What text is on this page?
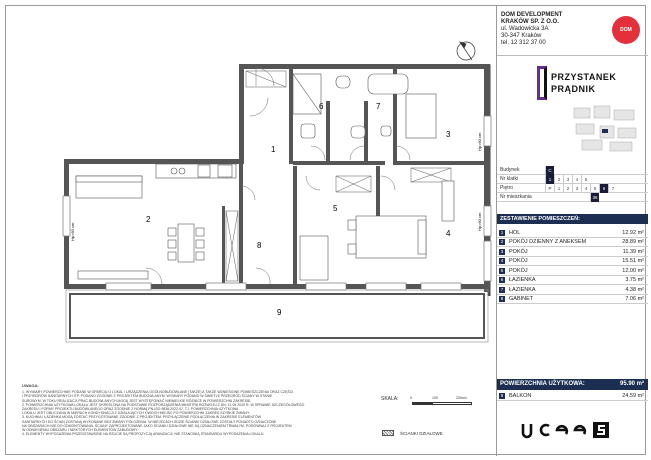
1
2
3
4
5
6	7
8
9
Hp=60 cm
Hp=60 cm
Hp=60 cm
UWAGA:
1. WYMIARY POWIERZCHNIE PODANE W OPARCIU O LOKAL I URZĄDZENIA OGÓLNOBUDOWLANE (TAKŻE) A TAKŻE WZNIESIONE POMIESZCZENIA ORAZ CZĘŚCI
I PRZYBORÓW SANITARNYCH ITP. PODANO ZGODNIE Z PROJEKTEM BUDOWLANYM. WYMIARY PODANO W ŚWIETLE PRZEGRÓD ŚCIANY W STANIE
SUROWYM. W TOKU REALIZACJI PRAC BUDOWLANYCH MOGĄ JEST WYSTĘPOWAĆ NIEWIELKIE RÓŻNICE W POWIERZCHNI ZAKRESIE.
2. POWIERZCHNIA UŻYTKOWA LOKALU JEST OKREŚLONA NA PODSTAWIE ROZPORZĄDZENIA MINISTRA ROZWOJU Z DN. 11.09.2020 R. W SPRAWIE SZCZEGÓŁOWEGO
ZAKRESU I FORMY PROJEKTU BUDOWLANEGO ORAZ ZGODNIE Z NORMĄ PN-ISO 9836:2022-07. TJ. POWIERZCHNIA UŻYTKOWA
LOKALU JEST OBLICZANA W MIERACH KONDYGNACJI Z DZIAŁAJĄCYCH OWOCH MIEJSC PO POWIERZCHNI ZAKRES SZYBKIE ZMIANY.
3. KUCHNIA I ŁAZIENKA MOGĄ ZOSTAĆ PRZYGOTOWANE ZGODNIE Z PROJEKTEM. PRZYŁĄCZENIE PODŁĄCZENIA W ZAKRESIE ELEMENTÓW
SANITARNYCH DO ŚCIAN ZOSTANĄ WYKONANE BEZ ZMIANY POŁOŻENIA. W MIEJSCACH GDZIE ŚCIANKI DZIAŁOWE ZOSTAŁY PONADTO OZNACZONE
NA OBSZARACH NIE DO ODMONTOWANIA. ŚCIANY ZAPROJEKTOWANE JAKO ŚCIANKI DZIAŁOWE NIE SĄ OZNACZENIEM TRWAŁYM. PORÓWNAJ Z PROJEKTEM
W ODNIESIENIU OBSZARU I NIEKTÓRYCH ELEMENTÓW ZABUDOWY.
4. ELEMENTY WYPOSAŻENIA PRZEDSTAWIONE NA RZUCIE SĄ PROPOZYCJĄ ARANŻACJI. NIE STANOWIĄ STANDARDU WYPOSAŻENIA LOKALU.
SKALA:	0	100	200cm
ŚCIANKI DZIAŁOWE
DOM DEVELOPMENT
KRAKÓW SP. Z O.O.
ul. Wadowicka 3A
30-347 Kraków
tel. 12 312 37 00
DOM
PRZYSTANEK
PRĄDNIK
Budynek	C
Nr klatki	1	2	3	4	5
Piętro	P	1	2	3	4	5	6	7
Nr mieszkania	36
ZESTAWIENIE POMIESZCZEŃ:
1	HOL	12.92 m²
2	POKÓJ DZIENNY Z ANEKSEM	28.89 m²
3	POKÓJ	11.39 m²
4	POKÓJ	15.51 m²
5	POKÓJ	12.00 m²
6	ŁAZIENKA	3.75 m²
7	ŁAZIENKA	4.38 m²
8	GABINET	7.06 m²
POWIERZCHNIA UŻYTKOWA:	95.90 m²
9	BALKON	24.59 m²
